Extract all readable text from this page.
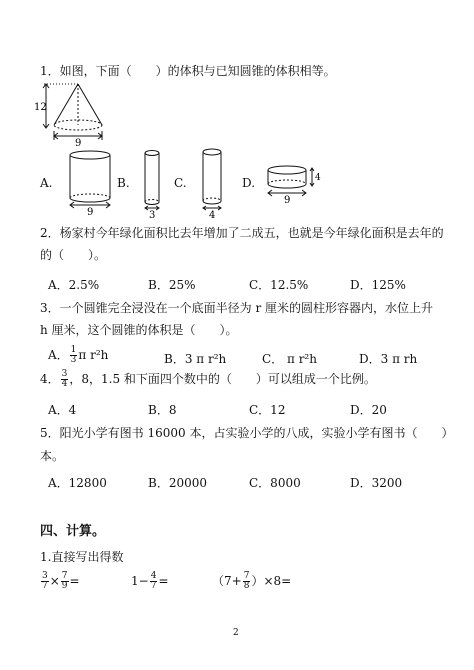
1．如图，下面（　　）的体积与已知圆锥的体积相等。
12
9
9	3	4
4
9
A.	B.	C.	D.
2．杨家村今年绿化面积比去年增加了二成五，也就是今年绿化面积是去年的
的（　　）。
A．2.5%	B．25%	C．12.5%	D．125%
3．一个圆锥完全浸没在一个底面半径为 r 厘米的圆柱形容器内，水位上升
h 厘米，这个圆锥的体积是（　　）。
A． $\frac{1}{3}$ π r²h	B．3 π r²h	C． π r²h	D．3 π rh
4． $\frac{3}{4}$ ，8，1.5 和下面四个数中的（　　）可以组成一个比例。
A．4	B．8	C．12	D．20
5．阳光小学有图书 16000 本，占实验小学的八成，实验小学有图书（　　）
本。
A．12800	B．20000	C．8000	D．3200
四、计算。
1.直接写出得数
$\frac{3}{7} \times \frac{7}{9}$ =	$1- \frac{4}{7}$ =	$(7+ \frac{7}{8} )\times 8=$
2
